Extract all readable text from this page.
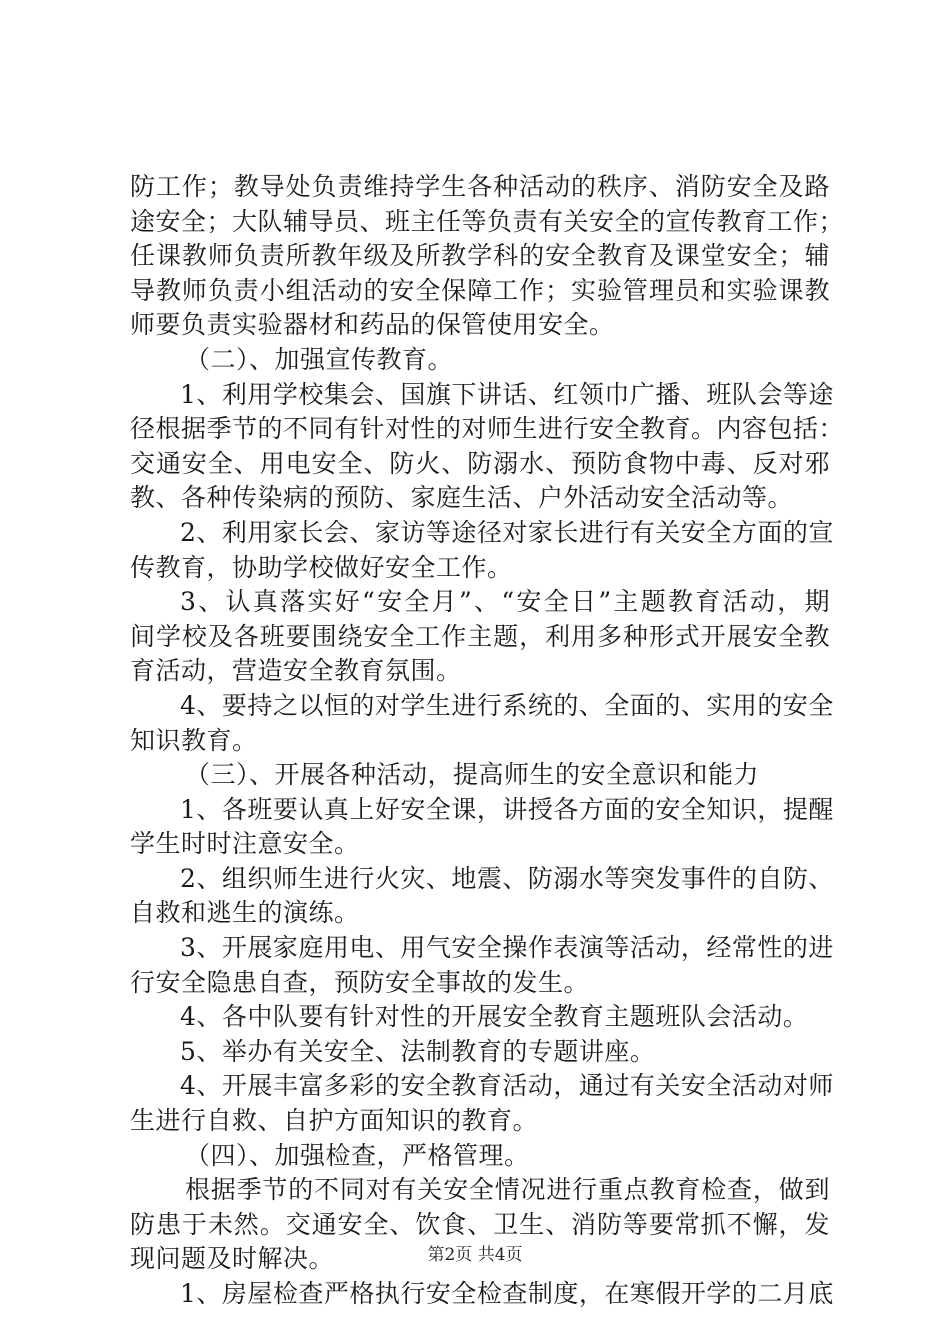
防工作；教导处负责维持学生各种活动的秩序、消防安全及路
途安全；大队辅导员、班主任等负责有关安全的宣传教育工作；
任课教师负责所教年级及所教学科的安全教育及课堂安全；辅
导教师负责小组活动的安全保障工作；实验管理员和实验课教
师要负责实验器材和药品的保管使用安全。
（二）、加强宣传教育。
1、利用学校集会、国旗下讲话、红领巾广播、班队会等途
径根据季节的不同有针对性的对师生进行安全教育。内容包括：
交通安全、用电安全、防火、防溺水、预防食物中毒、反对邪
教、各种传染病的预防、家庭生活、户外活动安全活动等。
2、利用家长会、家访等途径对家长进行有关安全方面的宣
传教育，协助学校做好安全工作。
3、认真落实好“安全月”、“安全日”主题教育活动，期
间学校及各班要围绕安全工作主题，利用多种形式开展安全教
育活动，营造安全教育氛围。
4、要持之以恒的对学生进行系统的、全面的、实用的安全
知识教育。
（三）、开展各种活动，提高师生的安全意识和能力
1、各班要认真上好安全课，讲授各方面的安全知识，提醒
学生时时注意安全。
2、组织师生进行火灾、地震、防溺水等突发事件的自防、
自救和逃生的演练。
3、开展家庭用电、用气安全操作表演等活动，经常性的进
行安全隐患自查，预防安全事故的发生。
4、各中队要有针对性的开展安全教育主题班队会活动。
5、举办有关安全、法制教育的专题讲座。
4、开展丰富多彩的安全教育活动，通过有关安全活动对师
生进行自救、自护方面知识的教育。
（四）、加强检查，严格管理。
根据季节的不同对有关安全情况进行重点教育检查，做到
防患于未然。交通安全、饮食、卫生、消防等要常抓不懈，发
现问题及时解决。
1、房屋检查严格执行安全检查制度，在寒假开学的二月底
第2页 共4页
